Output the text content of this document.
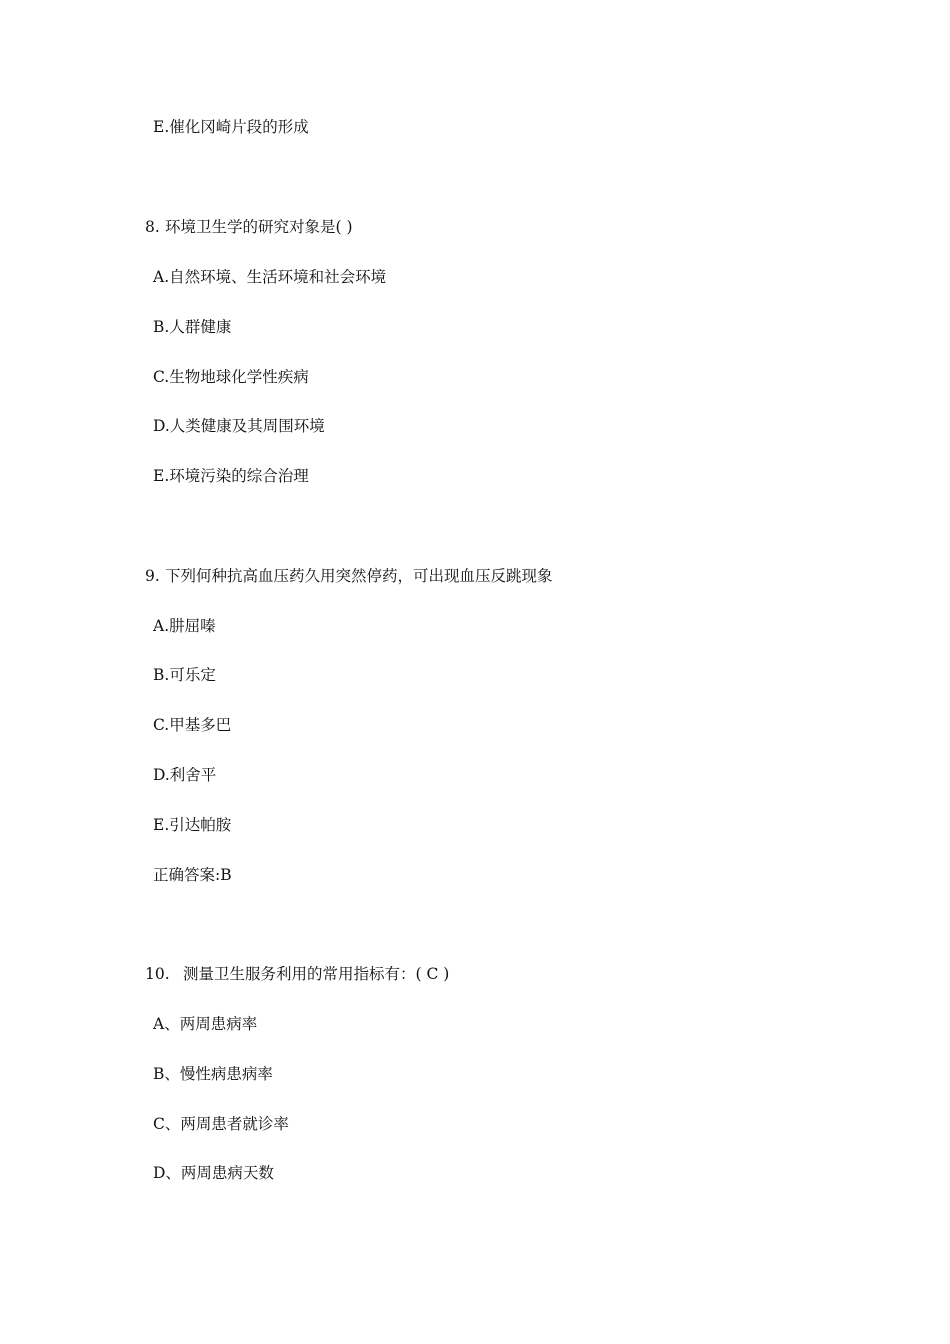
E.催化冈崎片段的形成
8. 环境卫生学的研究对象是( )
A.自然环境、生活环境和社会环境
B.人群健康
C.生物地球化学性疾病
D.人类健康及其周围环境
E.环境污染的综合治理
9. 下列何种抗高血压药久用突然停药，可出现血压反跳现象
A.肼屈嗪
B.可乐定
C.甲基多巴
D.利舍平
E.引达帕胺
正确答案:B
10. 测量卫生服务利用的常用指标有：( C )
A、两周患病率
B、慢性病患病率
C、两周患者就诊率
D、两周患病天数
